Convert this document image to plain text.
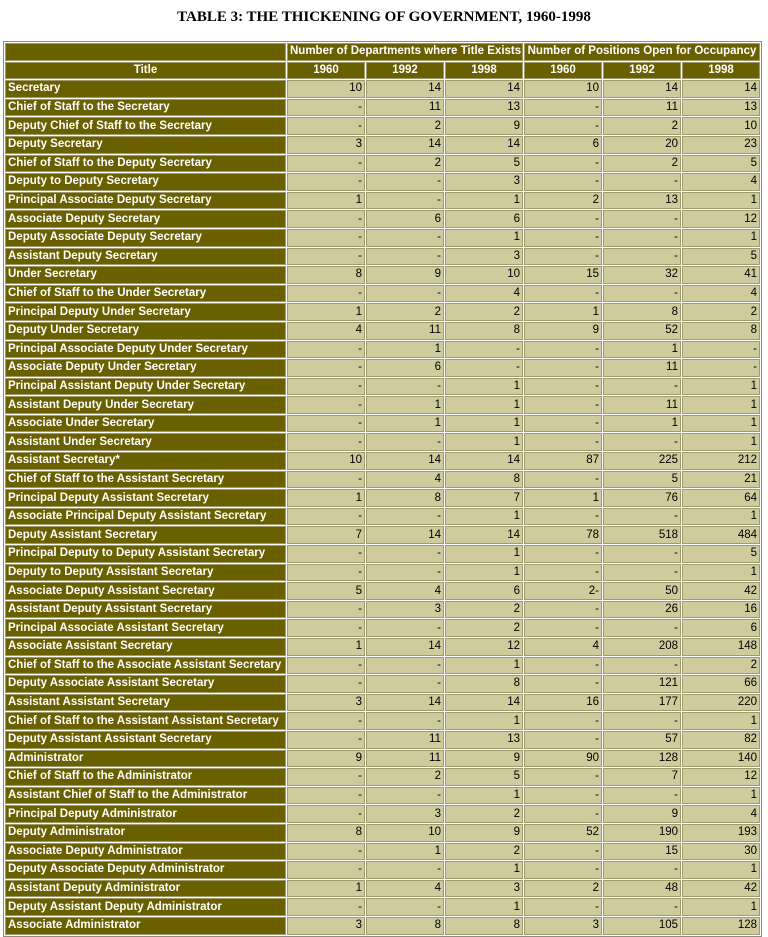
TABLE 3: THE THICKENING OF GOVERNMENT, 1960-1998
	Number of Departments where Title Exists			Number of Positions Open for Occupancy		
Title	1960	1992	1998	1960	1992	1998
Secretary	10	14	14	10	14	14
Chief of Staff to the Secretary	-	11	13	-	11	13
Deputy Chief of Staff to the Secretary	-	2	9	-	2	10
Deputy Secretary	3	14	14	6	20	23
Chief of Staff to the Deputy Secretary	-	2	5	-	2	5
Deputy to Deputy Secretary	-	-	3	-	-	4
Principal Associate Deputy Secretary	1	-	1	2	13	1
Associate Deputy Secretary	-	6	6	-	-	12
Deputy Associate Deputy Secretary	-	-	1	-	-	1
Assistant Deputy Secretary	-	-	3	-	-	5
Under Secretary	8	9	10	15	32	41
Chief of Staff to the Under Secretary	-	-	4	-	-	4
Principal Deputy Under Secretary	1	2	2	1	8	2
Deputy Under Secretary	4	11	8	9	52	8
Principal Associate Deputy Under Secretary	-	1	-	-	1	-
Associate Deputy Under Secretary	-	6	-	-	11	-
Principal Assistant Deputy Under Secretary	-	-	1	-	-	1
Assistant Deputy Under Secretary	-	1	1	-	11	1
Associate Under Secretary	-	1	1	-	1	1
Assistant Under Secretary	-	-	1	-	-	1
Assistant Secretary*	10	14	14	87	225	212
Chief of Staff to the Assistant Secretary	-	4	8	-	5	21
Principal Deputy Assistant Secretary	1	8	7	1	76	64
Associate Principal Deputy Assistant Secretary	-	-	1	-	-	1
Deputy Assistant Secretary	7	14	14	78	518	484
Principal Deputy to Deputy Assistant Secretary	-	-	1	-	-	5
Deputy to Deputy Assistant Secretary	-	-	1	-	-	1
Associate Deputy Assistant Secretary	5	4	6	2-	50	42
Assistant Deputy Assistant Secretary	-	3	2	-	26	16
Principal Associate Assistant Secretary	-	-	2	-	-	6
Associate Assistant Secretary	1	14	12	4	208	148
Chief of Staff to the Associate Assistant Secretary	-	-	1	-	-	2
Deputy Associate Assistant Secretary	-	-	8	-	121	66
Assistant Assistant Secretary	3	14	14	16	177	220
Chief of Staff to the Assistant Assistant Secretary	-	-	1	-	-	1
Deputy Assistant Assistant Secretary	-	11	13	-	57	82
Administrator	9	11	9	90	128	140
Chief of Staff to the Administrator	-	2	5	-	7	12
Assistant Chief of Staff to the Administrator	-	-	1	-	-	1
Principal Deputy Administrator	-	3	2	-	9	4
Deputy Administrator	8	10	9	52	190	193
Associate Deputy Administrator	-	1	2	-	15	30
Deputy Associate Deputy Administrator	-	-	1	-	-	1
Assistant Deputy Administrator	1	4	3	2	48	42
Deputy Assistant Deputy Administrator	-	-	1	-	-	1
Associate Administrator	3	8	8	3	105	128
